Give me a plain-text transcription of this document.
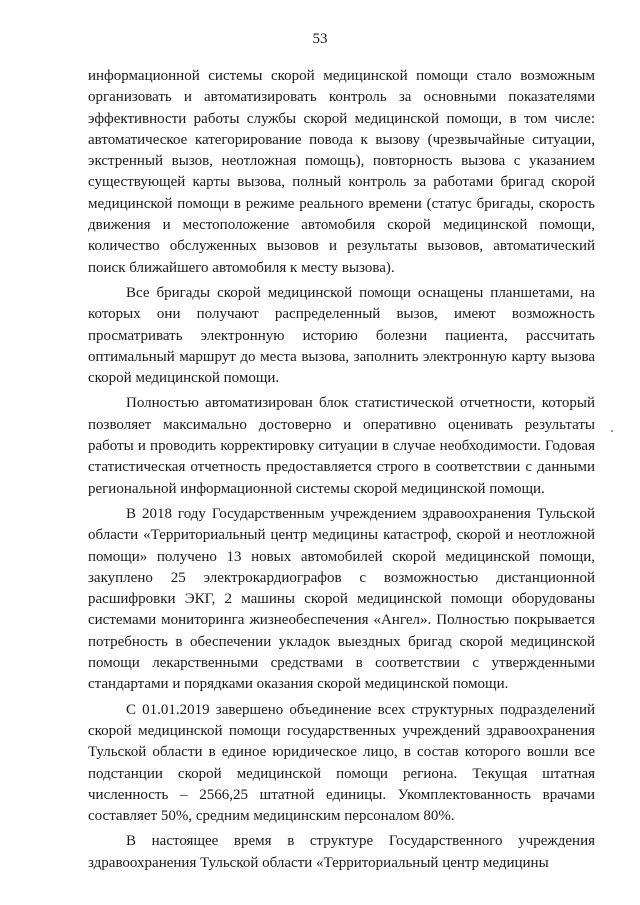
53

информационной системы скорой медицинской помощи стало возможным организовать и автоматизировать контроль за основными показателями эффективности работы службы скорой медицинской помощи, в том числе: автоматическое категорирование повода к вызову (чрезвычайные ситуации, экстренный вызов, неотложная помощь), повторность вызова с указанием существующей карты вызова, полный контроль за работами бригад скорой медицинской помощи в режиме реального времени (статус бригады, скорость движения и местоположение автомобиля скорой медицинской помощи, количество обслуженных вызовов и результаты вызовов, автоматический поиск ближайшего автомобиля к месту вызова).

Все бригады скорой медицинской помощи оснащены планшетами, на которых они получают распределенный вызов, имеют возможность просматривать электронную историю болезни пациента, рассчитать оптимальный маршрут до места вызова, заполнить электронную карту вызова скорой медицинской помощи.

Полностью автоматизирован блок статистической отчетности, который позволяет максимально достоверно и оперативно оценивать результаты работы и проводить корректировку ситуации в случае необходимости. Годовая статистическая отчетность предоставляется строго в соответствии с данными региональной информационной системы скорой медицинской помощи.

В 2018 году Государственным учреждением здравоохранения Тульской области «Территориальный центр медицины катастроф, скорой и неотложной помощи» получено 13 новых автомобилей скорой медицинской помощи, закуплено 25 электрокардиографов с возможностью дистанционной расшифровки ЭКГ, 2 машины скорой медицинской помощи оборудованы системами мониторинга жизнеобеспечения «Ангел». Полностью покрывается потребность в обеспечении укладок выездных бригад скорой медицинской помощи лекарственными средствами в соответствии с утвержденными стандартами и порядками оказания скорой медицинской помощи.

С 01.01.2019 завершено объединение всех структурных подразделений скорой медицинской помощи государственных учреждений здравоохранения Тульской области в единое юридическое лицо, в состав которого вошли все подстанции скорой медицинской помощи региона. Текущая штатная численность – 2566,25 штатной единицы. Укомплектованность врачами составляет 50%, средним медицинским персоналом 80%.

В настоящее время в структуре Государственного учреждения здравоохранения Тульской области «Территориальный центр медицины
